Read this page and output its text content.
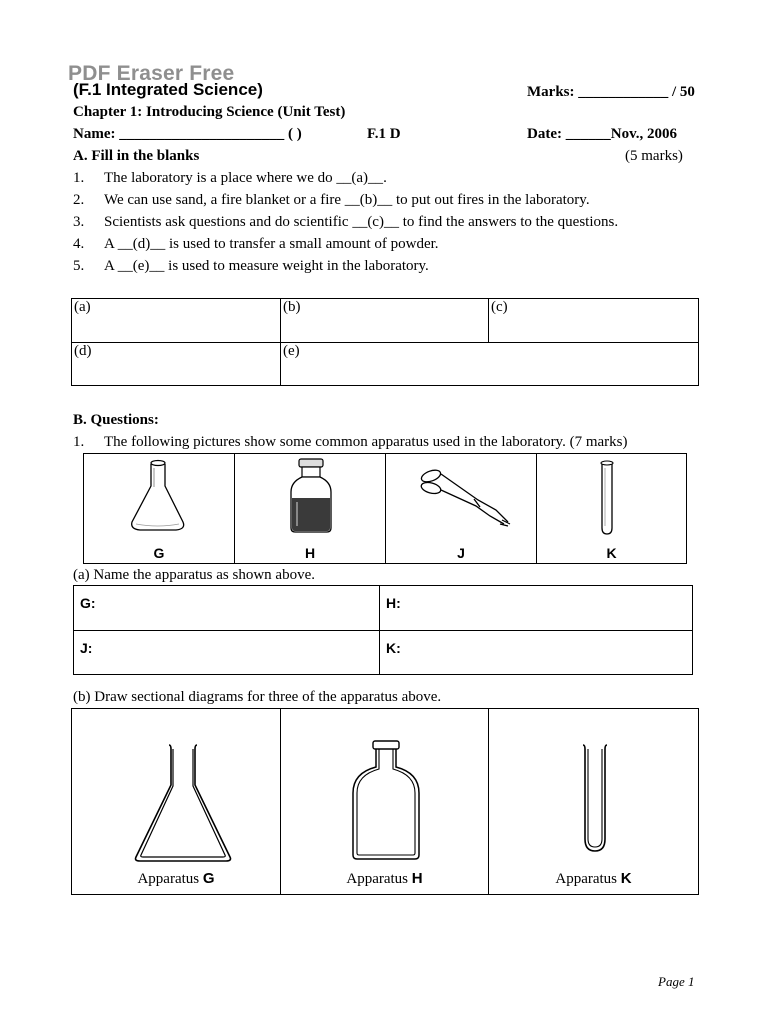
PDF Eraser Free
(F.1 Integrated Science)	Marks: ____________ / 50
Chapter 1: Introducing Science (Unit Test)
Name: ______________________ ( )	F.1 D	Date: ______Nov., 2006
A. Fill in the blanks	(5 marks)
1. The laboratory is a place where we do __(a)__.
2. We can use sand, a fire blanket or a fire __(b)__ to put out fires in the laboratory.
3. Scientists ask questions and do scientific __(c)__ to find the answers to the questions.
4. A __(d)__ is used to transfer a small amount of powder.
5. A __(e)__ is used to measure weight in the laboratory.
(a)	(b)	(c)
(d)	(e)	
B. Questions:
1. The following pictures show some common apparatus used in the laboratory. (7 marks)
G	H	J	K
(a) Name the apparatus as shown above.
G:	H:
J:	K:
(b) Draw sectional diagrams for three of the apparatus above.
Apparatus G	Apparatus H	Apparatus K
Page 1
